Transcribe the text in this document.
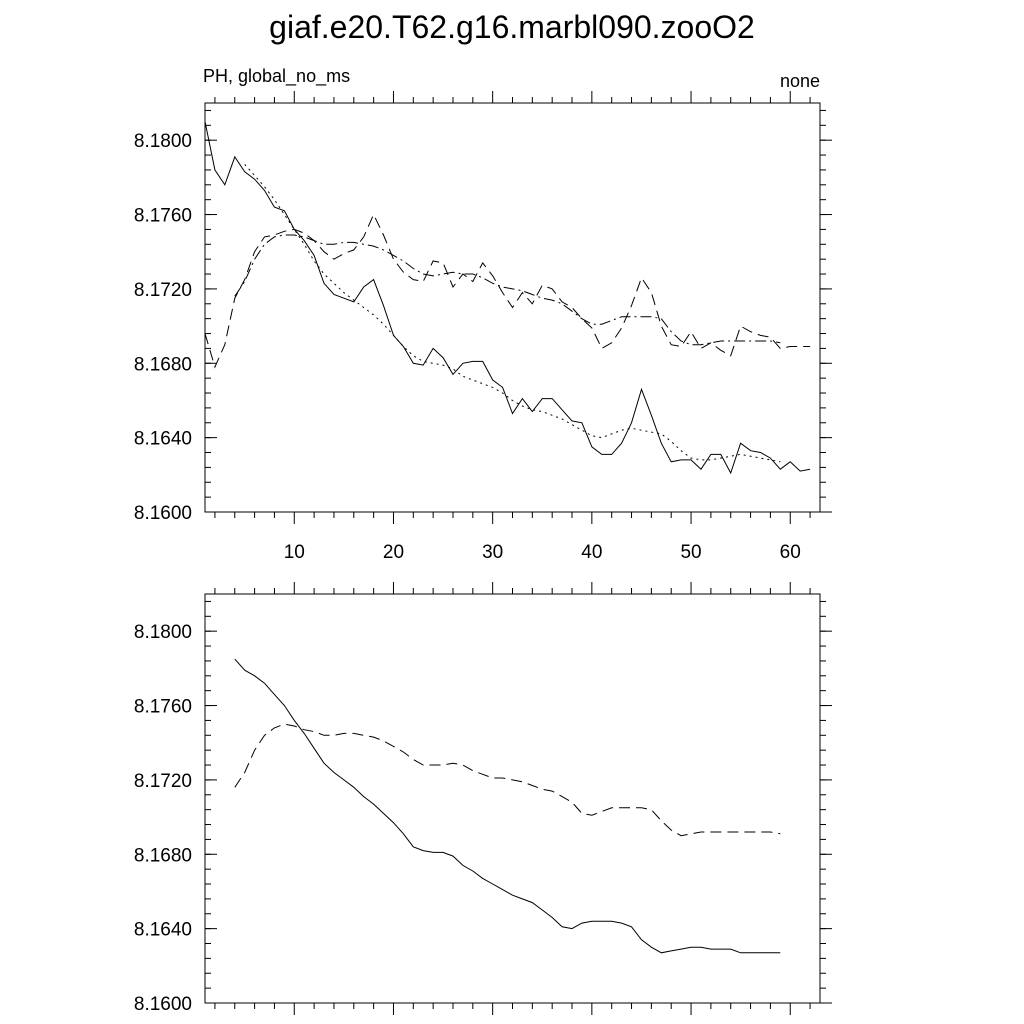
giaf.e20.T62.g16.marbl090.zooO2
PH, global_no_ms	none
8.1600
8.1640
8.1680
8.1720
8.1760
8.1800
10	20	30	40	50	60
8.1600
8.1640
8.1680
8.1720
8.1760
8.1800
